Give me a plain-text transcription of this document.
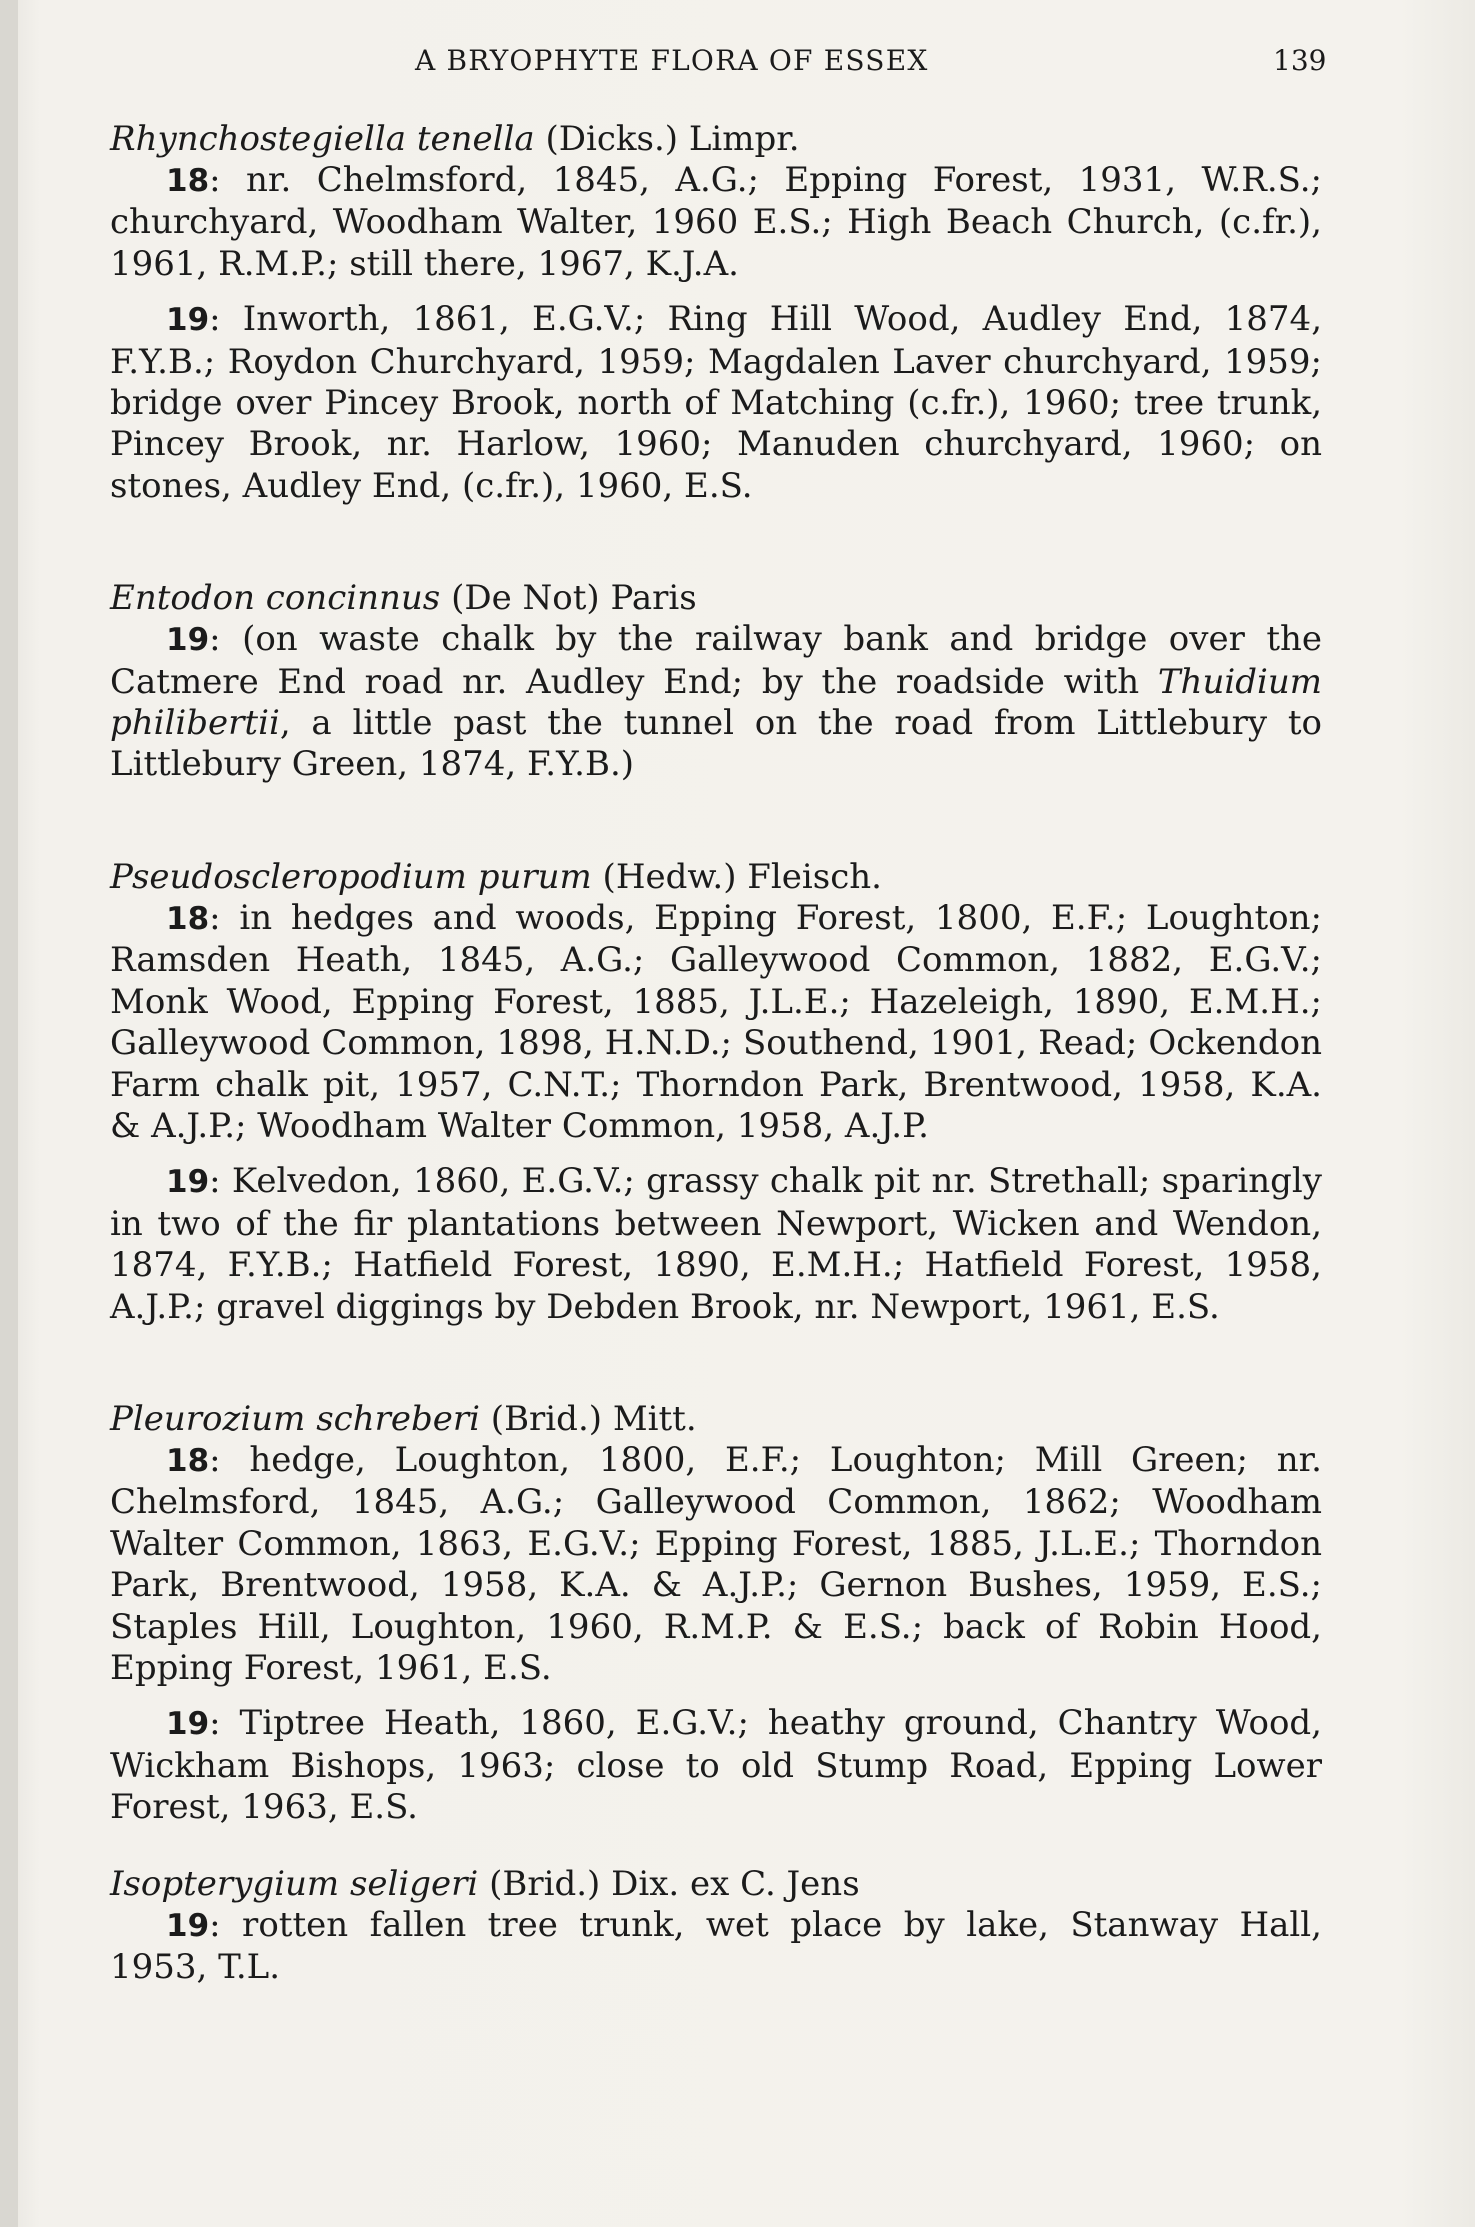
A BRYOPHYTE FLORA OF ESSEX	139

Rhynchostegiella tenella (Dicks.) Limpr.

18: nr. Chelmsford, 1845, A.G.; Epping Forest, 1931, W.R.S.; churchyard, Woodham Walter, 1960 E.S.; High Beach Church, (c.fr.), 1961, R.M.P.; still there, 1967, K.J.A.

19: Inworth, 1861, E.G.V.; Ring Hill Wood, Audley End, 1874, F.Y.B.; Roydon Churchyard, 1959; Magdalen Laver churchyard, 1959; bridge over Pincey Brook, north of Matching (c.fr.), 1960; tree trunk, Pincey Brook, nr. Harlow, 1960; Manuden churchyard, 1960; on stones, Audley End, (c.fr.), 1960, E.S.

Entodon concinnus (De Not) Paris

19: (on waste chalk by the railway bank and bridge over the Catmere End road nr. Audley End; by the roadside with Thuidium philibertii, a little past the tunnel on the road from Littlebury to Littlebury Green, 1874, F.Y.B.)

Pseudoscleropodium purum (Hedw.) Fleisch.

18: in hedges and woods, Epping Forest, 1800, E.F.; Loughton; Ramsden Heath, 1845, A.G.; Galleywood Common, 1882, E.G.V.; Monk Wood, Epping Forest, 1885, J.L.E.; Hazeleigh, 1890, E.M.H.; Galleywood Common, 1898, H.N.D.; Southend, 1901, Read; Ockendon Farm chalk pit, 1957, C.N.T.; Thorndon Park, Brentwood, 1958, K.A. & A.J.P.; Woodham Walter Common, 1958, A.J.P.

19: Kelvedon, 1860, E.G.V.; grassy chalk pit nr. Strethall; sparingly in two of the fir plantations between Newport, Wicken and Wendon, 1874, F.Y.B.; Hatfield Forest, 1890, E.M.H.; Hatfield Forest, 1958, A.J.P.; gravel diggings by Debden Brook, nr. Newport, 1961, E.S.

Pleurozium schreberi (Brid.) Mitt.

18: hedge, Loughton, 1800, E.F.; Loughton; Mill Green; nr. Chelmsford, 1845, A.G.; Galleywood Common, 1862; Woodham Walter Common, 1863, E.G.V.; Epping Forest, 1885, J.L.E.; Thorndon Park, Brentwood, 1958, K.A. & A.J.P.; Gernon Bushes, 1959, E.S.; Staples Hill, Loughton, 1960, R.M.P. & E.S.; back of Robin Hood, Epping Forest, 1961, E.S.

19: Tiptree Heath, 1860, E.G.V.; heathy ground, Chantry Wood, Wickham Bishops, 1963; close to old Stump Road, Epping Lower Forest, 1963, E.S.

Isopterygium seligeri (Brid.) Dix. ex C. Jens

19: rotten fallen tree trunk, wet place by lake, Stanway Hall, 1953, T.L.
